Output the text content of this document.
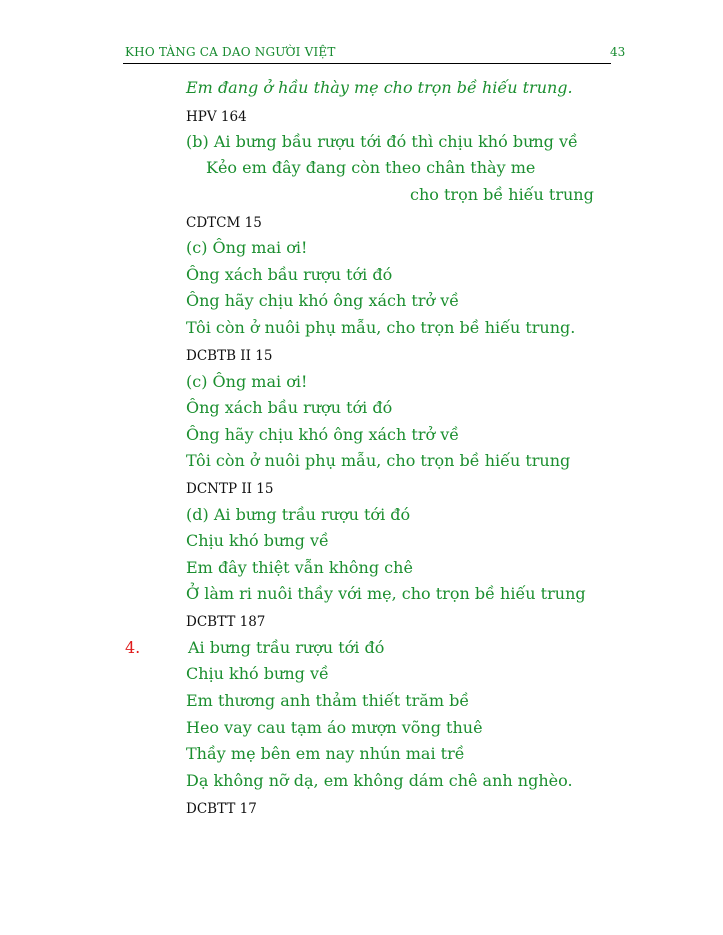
KHO TÀNG CA DAO NGƯỜI VIỆT	43
Em đang ở hầu thày mẹ cho trọn bề hiếu trung.
HPV 164
(b) Ai bưng bầu rượu tới đó thì chịu khó bưng về
Kẻo em đây đang còn theo chân thày me
cho trọn bề hiếu trung
CDTCM 15
(c) Ông mai ơi!
Ông xách bầu rượu tới đó
Ông hãy chịu khó ông xách trở về
Tôi còn ở nuôi phụ mẫu, cho trọn bề hiếu trung.
DCBTB II 15
(c) Ông mai ơi!
Ông xách bầu rượu tới đó
Ông hãy chịu khó ông xách trở về
Tôi còn ở nuôi phụ mẫu, cho trọn bề hiếu trung
DCNTP II 15
(d) Ai bưng trầu rượu tới đó
Chịu khó bưng về
Em đây thiệt vẫn không chê
Ở làm ri nuôi thầy với mẹ, cho trọn bề hiếu trung
DCBTT 187
4.	Ai bưng trầu rượu tới đó
Chịu khó bưng về
Em thương anh thảm thiết trăm bề
Heo vay cau tạm áo mượn võng thuê
Thầy mẹ bên em nay nhún mai trề
Dạ không nỡ dạ, em không dám chê anh nghèo.
DCBTT 17
